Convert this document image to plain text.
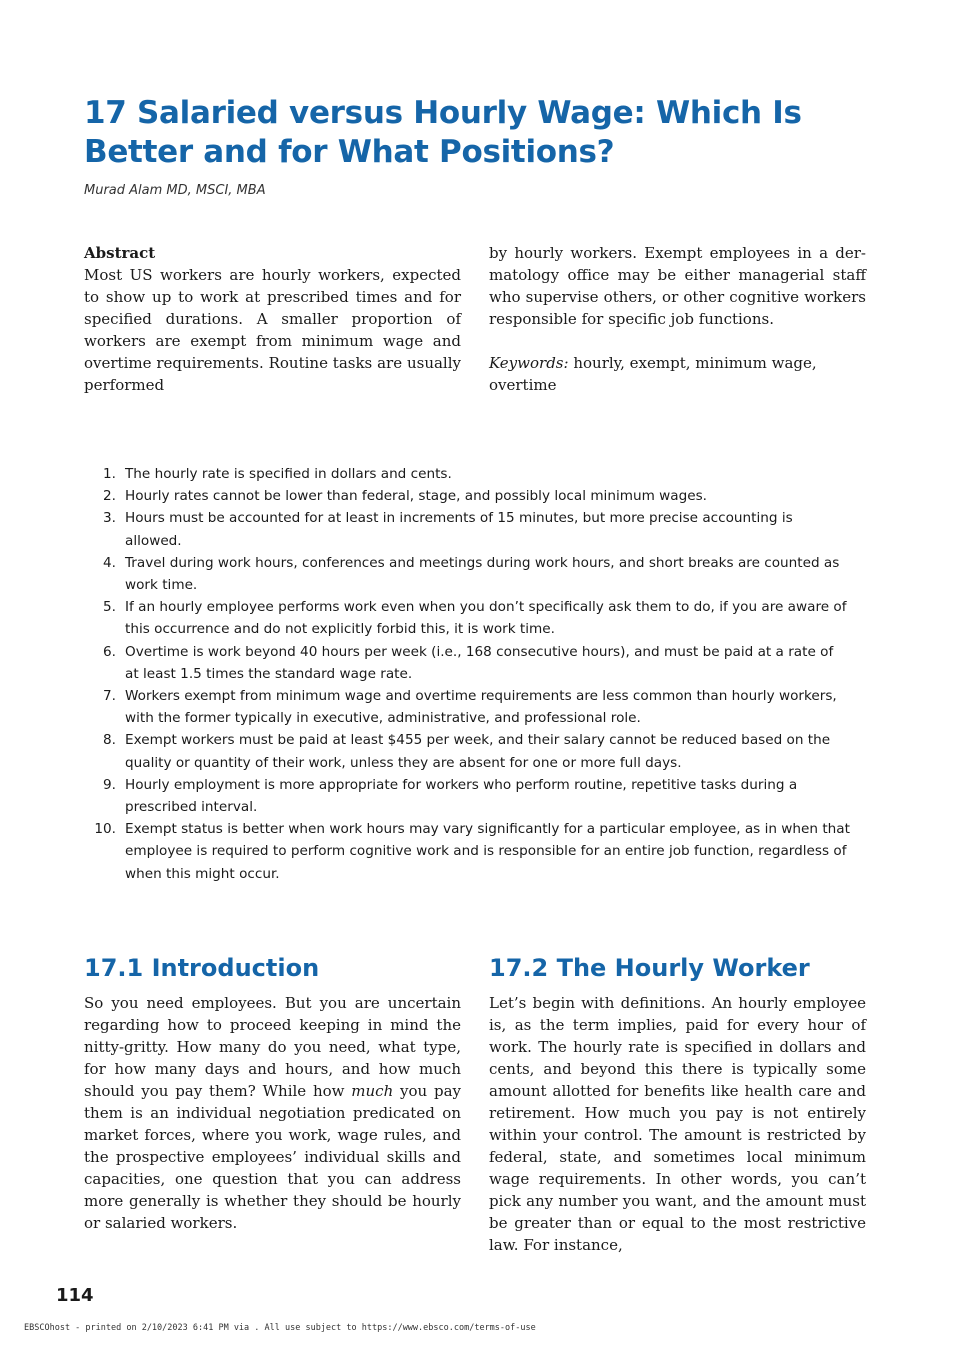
17 Salaried versus Hourly Wage: Which Is Better and for What Positions?
Murad Alam MD, MSCI, MBA

Abstract

Most US workers are hourly workers, expected to show up to work at prescribed times and for specified durations. A smaller proportion of workers are exempt from minimum wage and overtime requirements. Routine tasks are usually performed

by hourly workers. Exempt employees in a dermatology office may be either managerial staff who supervise others, or other cognitive workers responsible for specific job functions.

Keywords: hourly, exempt, minimum wage, overtime

1. The hourly rate is specified in dollars and cents.
2. Hourly rates cannot be lower than federal, stage, and possibly local minimum wages.
3. Hours must be accounted for at least in increments of 15 minutes, but more precise accounting is allowed.
4. Travel during work hours, conferences and meetings during work hours, and short breaks are counted as work time.
5. If an hourly employee performs work even when you don’t specifically ask them to do, if you are aware of this occurrence and do not explicitly forbid this, it is work time.
6. Overtime is work beyond 40 hours per week (i.e., 168 consecutive hours), and must be paid at a rate of at least 1.5 times the standard wage rate.
7. Workers exempt from minimum wage and overtime requirements are less common than hourly workers, with the former typically in executive, administrative, and professional role.
8. Exempt workers must be paid at least $455 per week, and their salary cannot be reduced based on the quality or quantity of their work, unless they are absent for one or more full days.
9. Hourly employment is more appropriate for workers who perform routine, repetitive tasks during a prescribed interval.
10. Exempt status is better when work hours may vary significantly for a particular employee, as in when that employee is required to perform cognitive work and is responsible for an entire job function, regardless of when this might occur.
17.1 Introduction	17.2 The Hourly Worker

So you need employees. But you are uncertain regarding how to proceed keeping in mind the nitty-gritty. How many do you need, what type, for how many days and hours, and how much should you pay them? While how much you pay them is an individual negotiation predicated on market forces, where you work, wage rules, and the prospective employees’ individual skills and capacities, one question that you can address more generally is whether they should be hourly or salaried workers.

Let’s begin with definitions. An hourly employee is, as the term implies, paid for every hour of work. The hourly rate is specified in dollars and cents, and beyond this there is typically some amount allotted for benefits like health care and retirement. How much you pay is not entirely within your control. The amount is restricted by federal, state, and sometimes local minimum wage requirements. In other words, you can’t pick any number you want, and the amount must be greater than or equal to the most restrictive law. For instance,

114
EBSCOhost - printed on 2/10/2023 6:41 PM via . All use subject to https://www.ebsco.com/terms-of-use
